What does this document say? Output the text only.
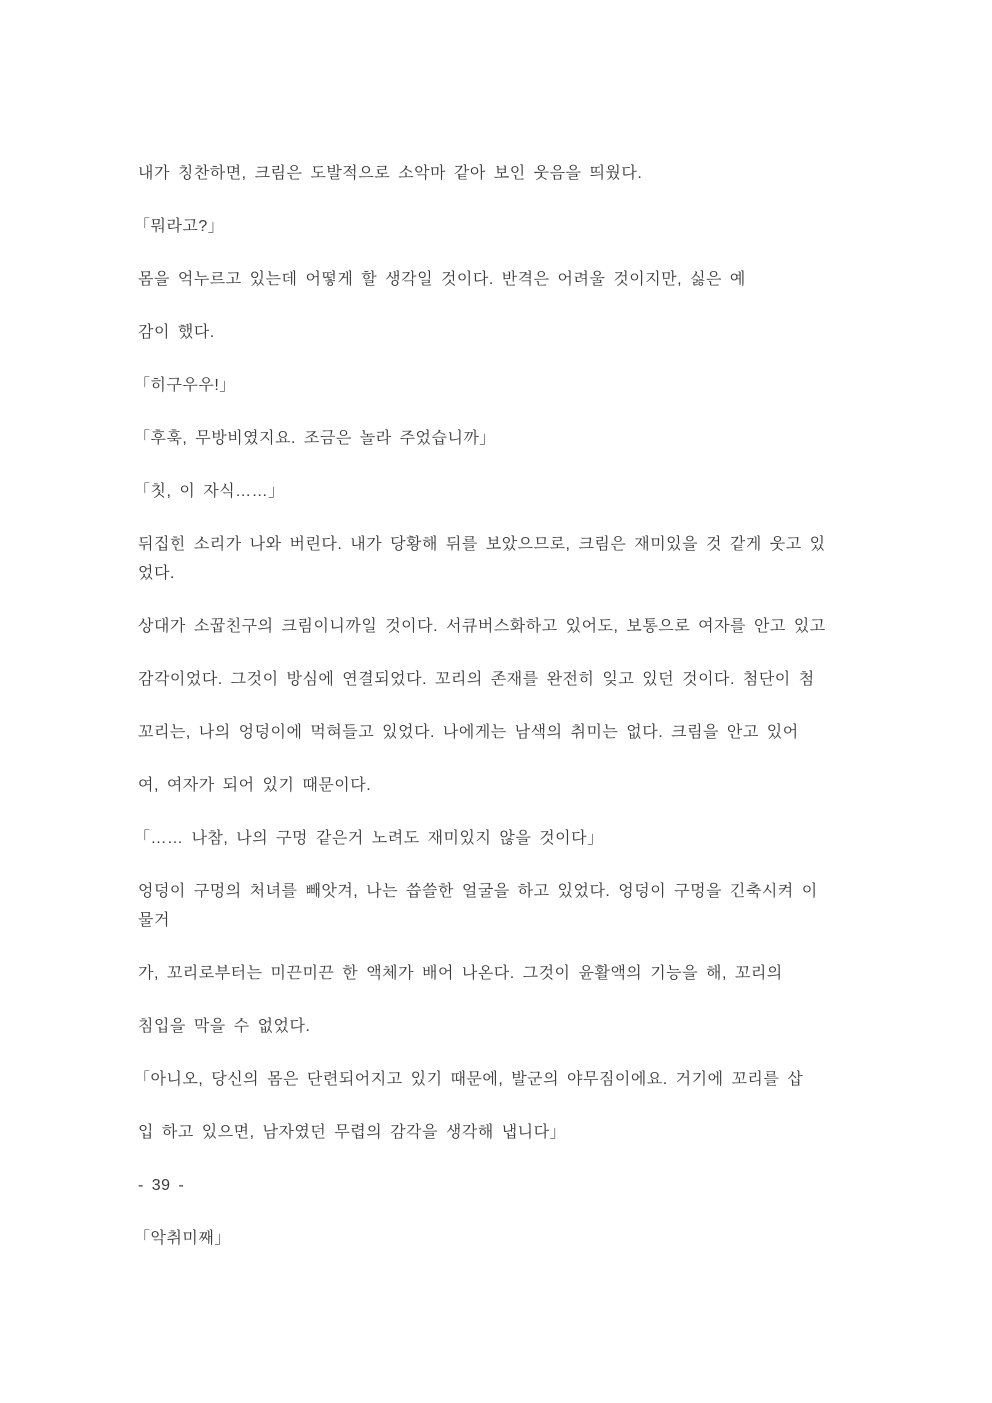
내가 칭찬하면, 크림은 도발적으로 소악마 같아 보인 웃음을 띄웠다.
「뭐라고?」
몸을 억누르고 있는데 어떻게 할 생각일 것이다. 반격은 어려울 것이지만, 싫은 예
감이 했다.
「히구우우!」
「후훅, 무방비였지요. 조금은 놀라 주었습니까」
「칫, 이 자식……」
뒤집힌 소리가 나와 버린다. 내가 당황해 뒤를 보았으므로, 크림은 재미있을 것 같게 웃고 있
었다.
상대가 소꿉친구의 크림이니까일 것이다. 서큐버스화하고 있어도, 보통으로 여자를 안고 있고
감각이었다. 그것이 방심에 연결되었다. 꼬리의 존재를 완전히 잊고 있던 것이다. 첨단이 첨
꼬리는, 나의 엉덩이에 먹혀들고 있었다. 나에게는 남색의 취미는 없다. 크림을 안고 있어
여, 여자가 되어 있기 때문이다.
「…… 나참, 나의 구멍 같은거 노려도 재미있지 않을 것이다」
엉덩이 구멍의 처녀를 빼앗겨, 나는 씁쓸한 얼굴을 하고 있었다. 엉덩이 구멍을 긴축시켜 이
물거
가, 꼬리로부터는 미끈미끈 한 액체가 배어 나온다. 그것이 윤활액의 기능을 해, 꼬리의
침입을 막을 수 없었다.
「아니오, 당신의 몸은 단련되어지고 있기 때문에, 발군의 야무짐이에요. 거기에 꼬리를 삽
입 하고 있으면, 남자였던 무렵의 감각을 생각해 냅니다」
- 39 -
「악취미째」
